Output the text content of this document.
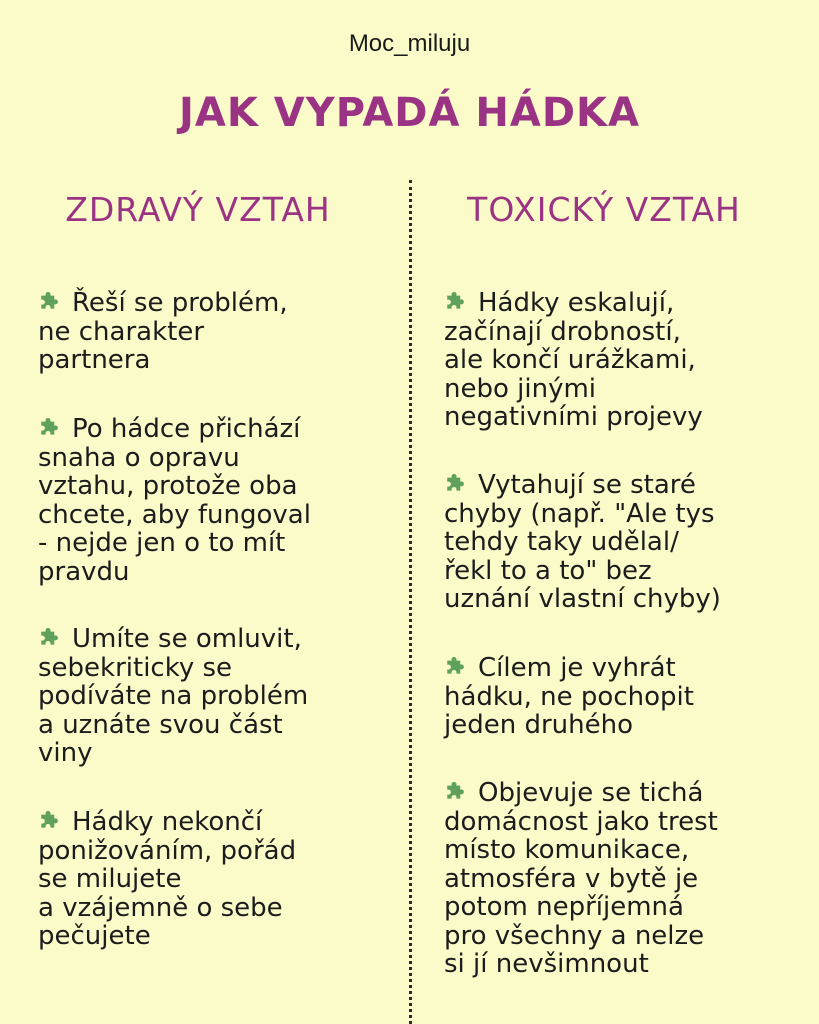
Moc_miluju
JAK VYPADÁ HÁDKA
ZDRAVÝ VZTAH

Řeší se problém,
ne charakter
partnera

Po hádce přichází
snaha o opravu
vztahu, protože oba
chcete, aby fungoval
- nejde jen o to mít
pravdu

Umíte se omluvit,
sebekriticky se
podíváte na problém
a uznáte svou část
viny

Hádky nekončí
ponižováním, pořád
se milujete
a vzájemně o sebe
pečujete

TOXICKÝ VZTAH

Hádky eskalují,
začínají drobností,
ale končí urážkami,
nebo jinými
negativními projevy

Vytahují se staré
chyby (např. "Ale tys
tehdy taky udělal/
řekl to a to" bez
uznání vlastní chyby)

Cílem je vyhrát
hádku, ne pochopit
jeden druhého

Objevuje se tichá
domácnost jako trest
místo komunikace,
atmosféra v bytě je
potom nepříjemná
pro všechny a nelze
si jí nevšimnout
